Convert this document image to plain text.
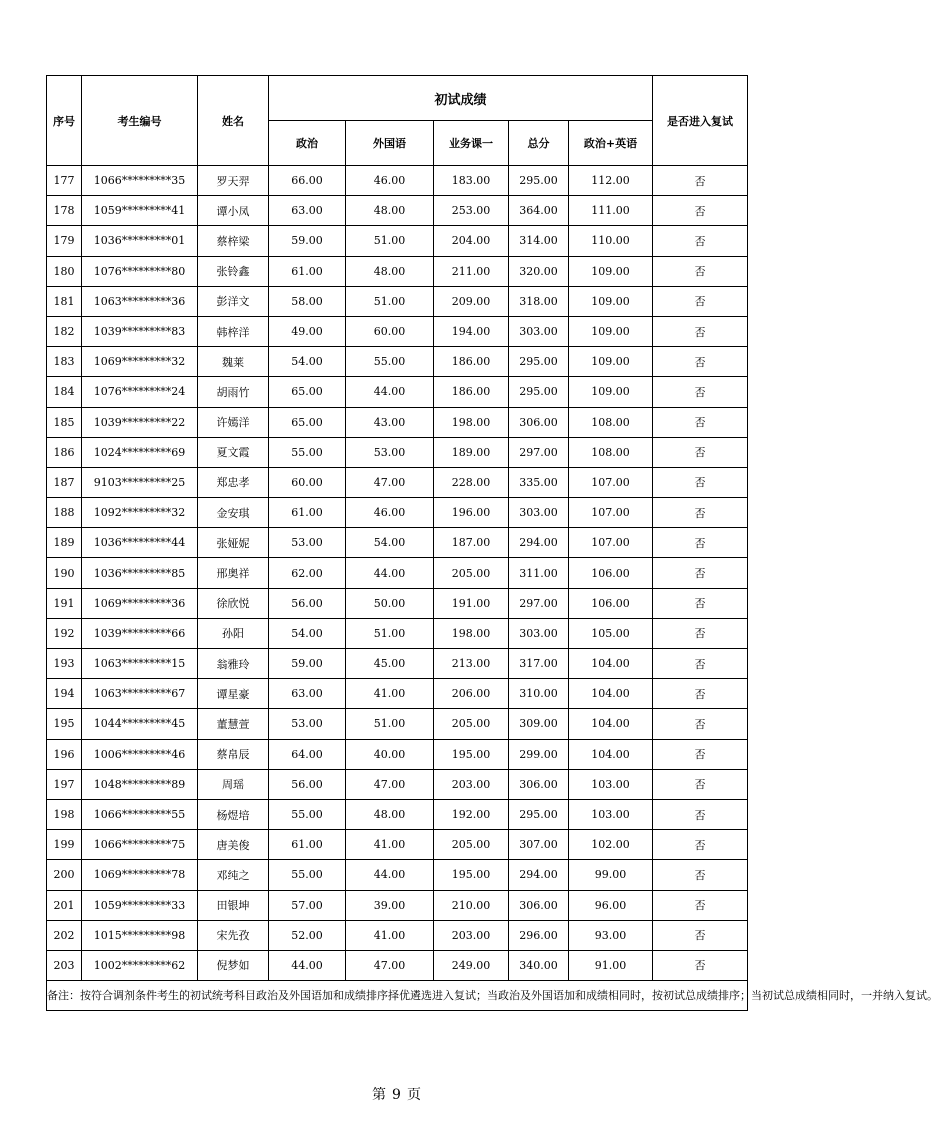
序号	考生编号	姓名	初试成绩					是否进入复试
			政治	外国语	业务课一	总分	政治+英语	
177	1066*********35	罗天羿	66.00	46.00	183.00	295.00	112.00	否
178	1059*********41	谭小凤	63.00	48.00	253.00	364.00	111.00	否
179	1036*********01	蔡梓梁	59.00	51.00	204.00	314.00	110.00	否
180	1076*********80	张铃鑫	61.00	48.00	211.00	320.00	109.00	否
181	1063*********36	彭洋文	58.00	51.00	209.00	318.00	109.00	否
182	1039*********83	韩梓洋	49.00	60.00	194.00	303.00	109.00	否
183	1069*********32	魏莱	54.00	55.00	186.00	295.00	109.00	否
184	1076*********24	胡雨竹	65.00	44.00	186.00	295.00	109.00	否
185	1039*********22	许嫣洋	65.00	43.00	198.00	306.00	108.00	否
186	1024*********69	夏文霞	55.00	53.00	189.00	297.00	108.00	否
187	9103*********25	郑忠孝	60.00	47.00	228.00	335.00	107.00	否
188	1092*********32	金安琪	61.00	46.00	196.00	303.00	107.00	否
189	1036*********44	张娅妮	53.00	54.00	187.00	294.00	107.00	否
190	1036*********85	邢奥祥	62.00	44.00	205.00	311.00	106.00	否
191	1069*********36	徐欣悦	56.00	50.00	191.00	297.00	106.00	否
192	1039*********66	孙阳	54.00	51.00	198.00	303.00	105.00	否
193	1063*********15	翁雅玲	59.00	45.00	213.00	317.00	104.00	否
194	1063*********67	谭星豪	63.00	41.00	206.00	310.00	104.00	否
195	1044*********45	董慧萱	53.00	51.00	205.00	309.00	104.00	否
196	1006*********46	蔡帛辰	64.00	40.00	195.00	299.00	104.00	否
197	1048*********89	周瑶	56.00	47.00	203.00	306.00	103.00	否
198	1066*********55	杨煜培	55.00	48.00	192.00	295.00	103.00	否
199	1066*********75	唐美俊	61.00	41.00	205.00	307.00	102.00	否
200	1069*********78	邓纯之	55.00	44.00	195.00	294.00	99.00	否
201	1059*********33	田银坤	57.00	39.00	210.00	306.00	96.00	否
202	1015*********98	宋先孜	52.00	41.00	203.00	296.00	93.00	否
203	1002*********62	倪梦如	44.00	47.00	249.00	340.00	91.00	否
备注：按符合调剂条件考生的初试统考科目政治及外国语加和成绩排序择优遴选进入复试；当政治及外国语加和成绩相同时，按初试总成绩排序；当初试总成绩相同时，一并纳入复试。								
第 9 页
